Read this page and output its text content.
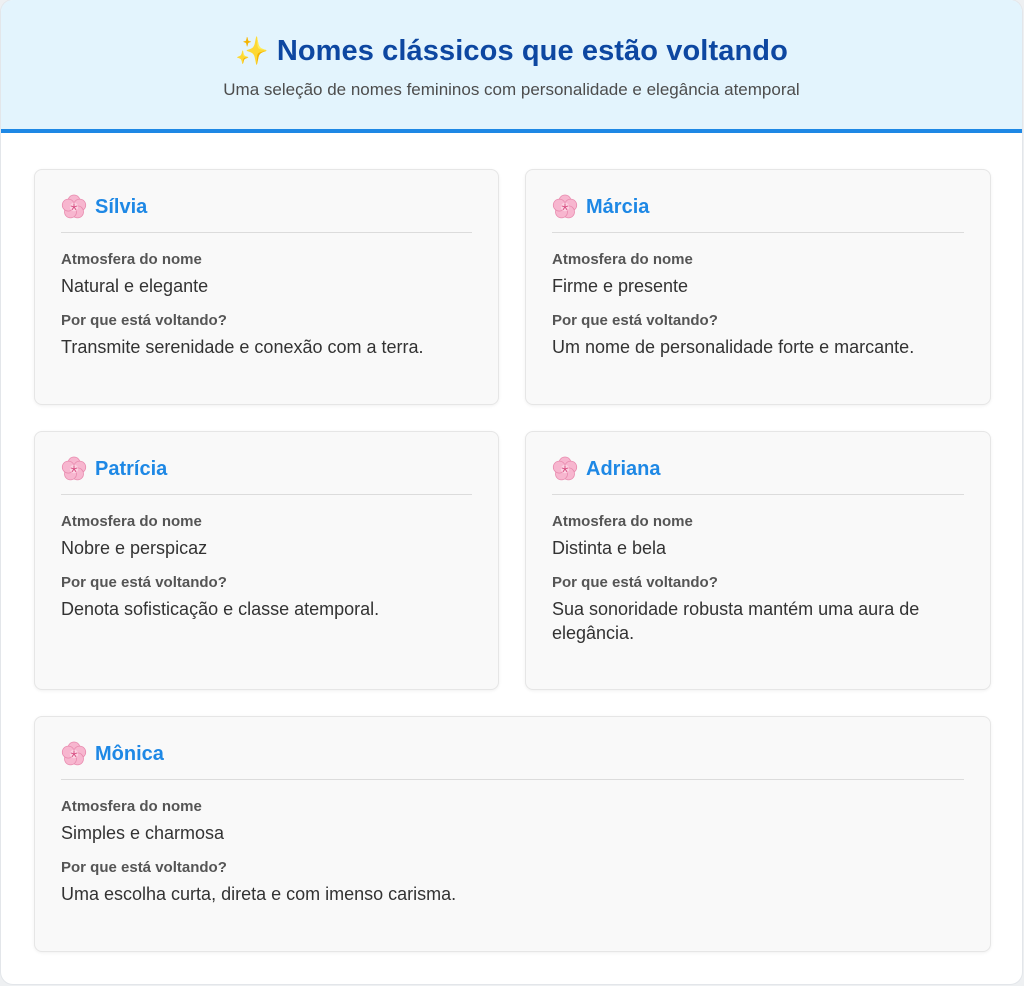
✨ Nomes clássicos que estão voltando

Uma seleção de nomes femininos com personalidade e elegância atemporal

Sílvia
Atmosfera do nome
Natural e elegante
Por que está voltando?
Transmite serenidade e conexão com a terra.
Márcia
Atmosfera do nome
Firme e presente
Por que está voltando?
Um nome de personalidade forte e marcante.
Patrícia
Atmosfera do nome
Nobre e perspicaz
Por que está voltando?
Denota sofisticação e classe atemporal.
Adriana
Atmosfera do nome
Distinta e bela
Por que está voltando?
Sua sonoridade robusta mantém uma aura de elegância.
Mônica
Atmosfera do nome
Simples e charmosa
Por que está voltando?
Uma escolha curta, direta e com imenso carisma.
